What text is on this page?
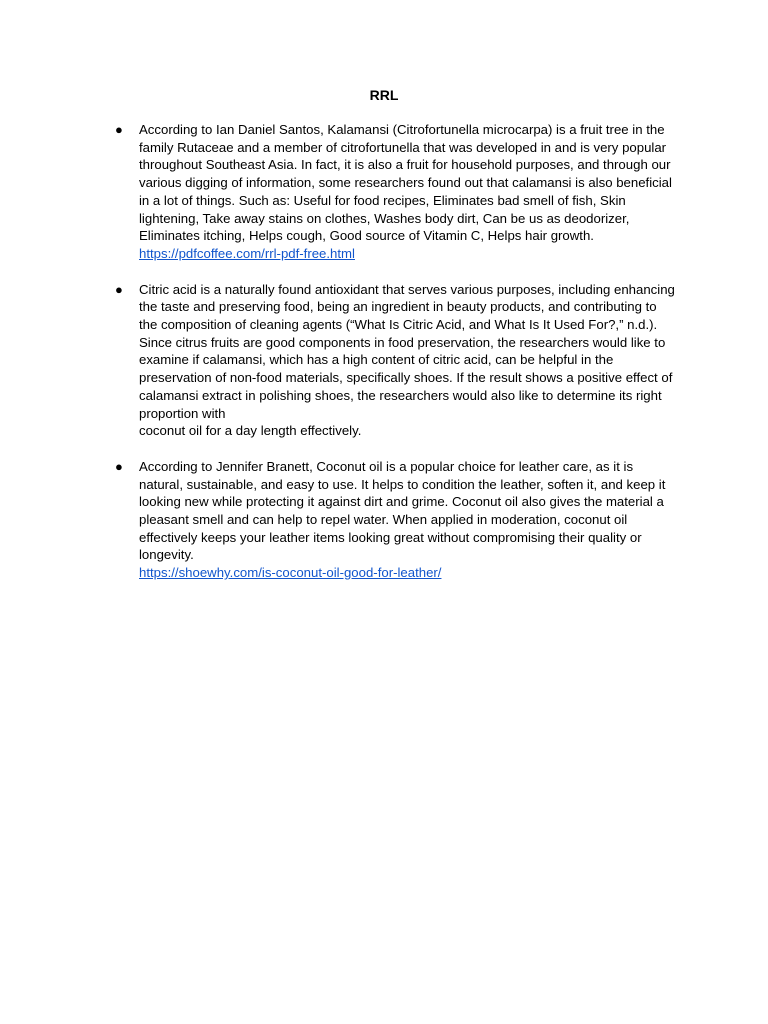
RRL
● According to Ian Daniel Santos, Kalamansi (Citrofortunella microcarpa) is a fruit tree in the family Rutaceae and a member of citrofortunella that was developed in and is very popular throughout Southeast Asia. In fact, it is also a fruit for household purposes, and through our various digging of information, some researchers found out that calamansi is also beneficial in a lot of things. Such as: Useful for food recipes, Eliminates bad smell of fish, Skin lightening, Take away stains on clothes, Washes body dirt, Can be us as deodorizer, Eliminates itching, Helps cough, Good source of Vitamin C, Helps hair growth.
https://pdfcoffee.com/rrl-pdf-free.html

● Citric acid is a naturally found antioxidant that serves various purposes, including enhancing the taste and preserving food, being an ingredient in beauty products, and contributing to the composition of cleaning agents (“What Is Citric Acid, and What Is It Used For?,” n.d.). Since citrus fruits are good components in food preservation, the researchers would like to examine if calamansi, which has a high content of citric acid, can be helpful in the preservation of non-food materials, specifically shoes. If the result shows a positive effect of calamansi extract in polishing shoes, the researchers would also like to determine its right proportion with
coconut oil for a day length effectively.

● According to Jennifer Branett, Coconut oil is a popular choice for leather care, as it is natural, sustainable, and easy to use. It helps to condition the leather, soften it, and keep it looking new while protecting it against dirt and grime. Coconut oil also gives the material a pleasant smell and can help to repel water. When applied in moderation, coconut oil effectively keeps your leather items looking great without compromising their quality or longevity.
https://shoewhy.com/is-coconut-oil-good-for-leather/
